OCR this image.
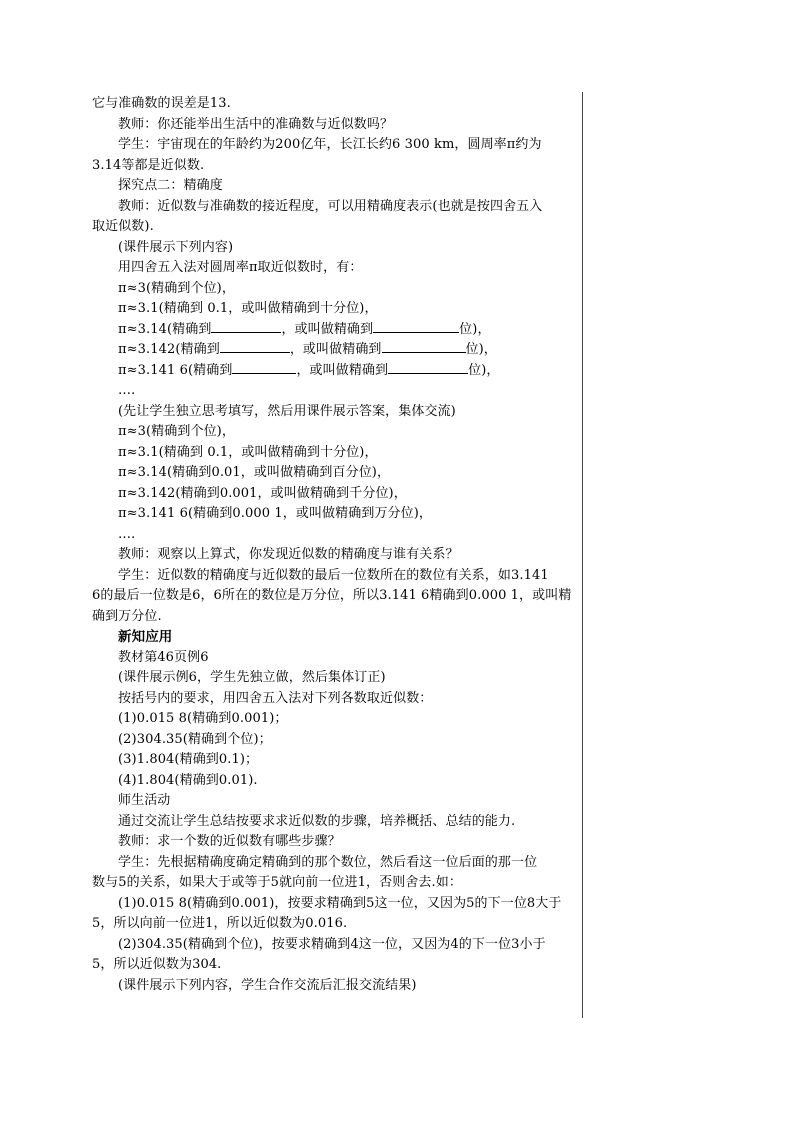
它与准确数的误差是13.
教师：你还能举出生活中的准确数与近似数吗？
学生：宇宙现在的年龄约为200亿年，长江长约6 300 km，圆周率π约为
3.14等都是近似数.
探究点二：精确度
教师：近似数与准确数的接近程度，可以用精确度表示(也就是按四舍五入
取近似数).
(课件展示下列内容)
用四舍五入法对圆周率π取近似数时，有：
π≈3(精确到个位)，
π≈3.1(精确到 0.1，或叫做精确到十分位)，
π≈3.14(精确到	，或叫做精确到	位)，
π≈3.142(精确到	，或叫做精确到	位)，
π≈3.141 6(精确到	，或叫做精确到	位)，
….
(先让学生独立思考填写，然后用课件展示答案，集体交流)
π≈3(精确到个位)，
π≈3.1(精确到 0.1，或叫做精确到十分位)，
π≈3.14(精确到0.01，或叫做精确到百分位)，
π≈3.142(精确到0.001，或叫做精确到千分位)，
π≈3.141 6(精确到0.000 1，或叫做精确到万分位)，
….
教师：观察以上算式，你发现近似数的精确度与谁有关系？
学生：近似数的精确度与近似数的最后一位数所在的数位有关系，如3.141
6的最后一位数是6，6所在的数位是万分位，所以3.141 6精确到0.000 1，或叫精
确到万分位.
新知应用
教材第46页例6
(课件展示例6，学生先独立做，然后集体订正)
按括号内的要求，用四舍五入法对下列各数取近似数：
(1)0.015 8(精确到0.001)；
(2)304.35(精确到个位)；
(3)1.804(精确到0.1)；
(4)1.804(精确到0.01).
师生活动
通过交流让学生总结按要求求近似数的步骤，培养概括、总结的能力.
教师：求一个数的近似数有哪些步骤？
学生：先根据精确度确定精确到的那个数位，然后看这一位后面的那一位
数与5的关系，如果大于或等于5就向前一位进1，否则舍去.如：
(1)0.015 8(精确到0.001)，按要求精确到5这一位，又因为5的下一位8大于
5，所以向前一位进1，所以近似数为0.016.
(2)304.35(精确到个位)，按要求精确到4这一位，又因为4的下一位3小于
5，所以近似数为304.
(课件展示下列内容，学生合作交流后汇报交流结果)
